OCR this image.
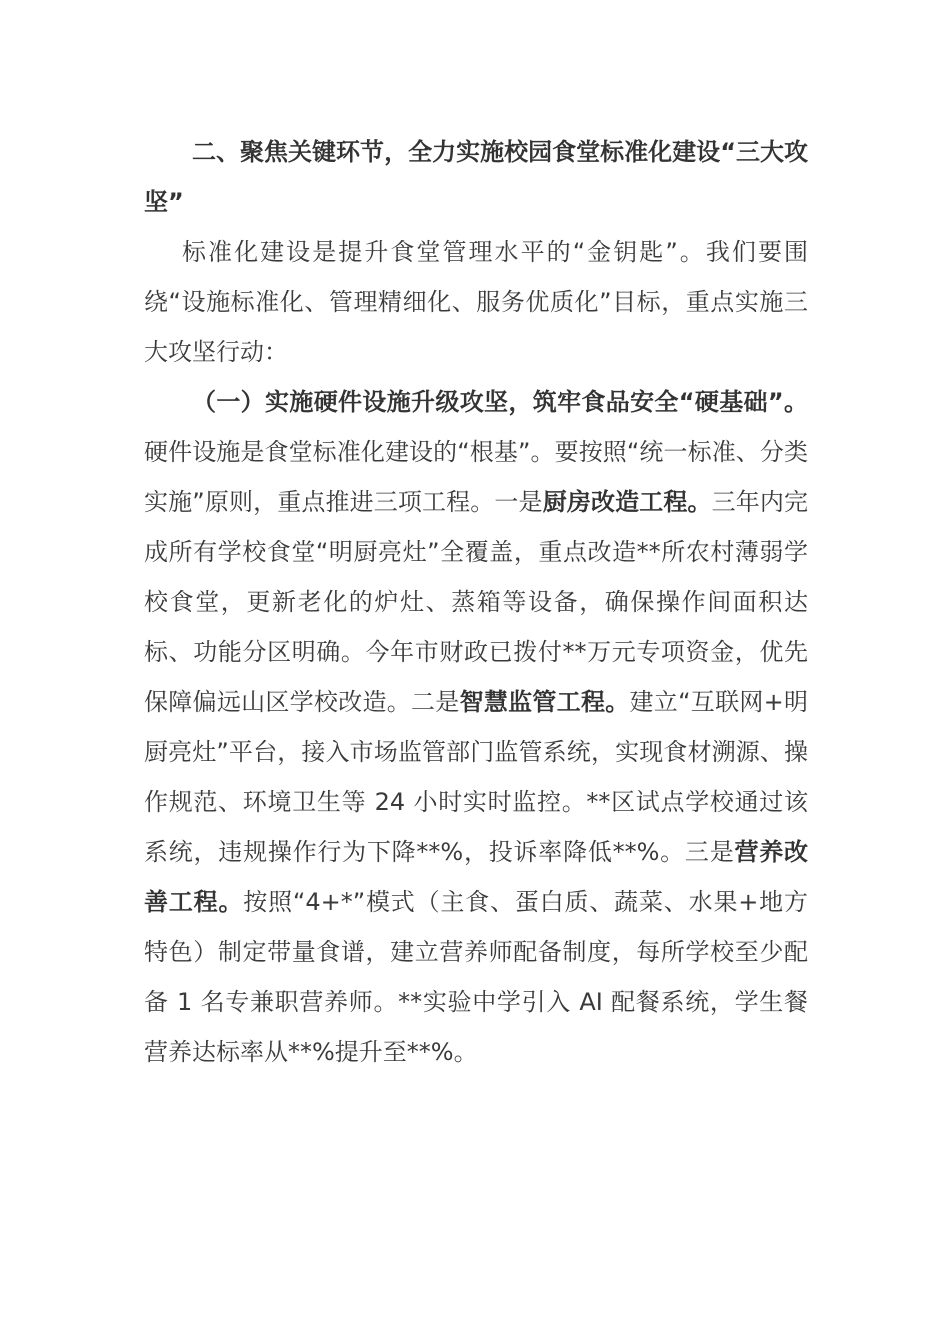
二、聚焦关键环节，全力实施校园食堂标准化建设“三大攻坚”

标准化建设是提升食堂管理水平的“金钥匙”。我们要围绕“设施标准化、管理精细化、服务优质化”目标，重点实施三大攻坚行动：

（一）实施硬件设施升级攻坚，筑牢食品安全“硬基础”。硬件设施是食堂标准化建设的“根基”。要按照“统一标准、分类实施”原则，重点推进三项工程。一是厨房改造工程。三年内完成所有学校食堂“明厨亮灶”全覆盖，重点改造**所农村薄弱学校食堂，更新老化的炉灶、蒸箱等设备，确保操作间面积达标、功能分区明确。今年市财政已拨付**万元专项资金，优先保障偏远山区学校改造。二是智慧监管工程。建立“互联网+明厨亮灶”平台，接入市场监管部门监管系统，实现食材溯源、操作规范、环境卫生等 24 小时实时监控。**区试点学校通过该系统，违规操作行为下降**%，投诉率降低**%。三是营养改善工程。按照“4+*”模式（主食、蛋白质、蔬菜、水果+地方特色）制定带量食谱，建立营养师配备制度，每所学校至少配备 1 名专兼职营养师。**实验中学引入 AI 配餐系统，学生餐营养达标率从**%提升至**%。
